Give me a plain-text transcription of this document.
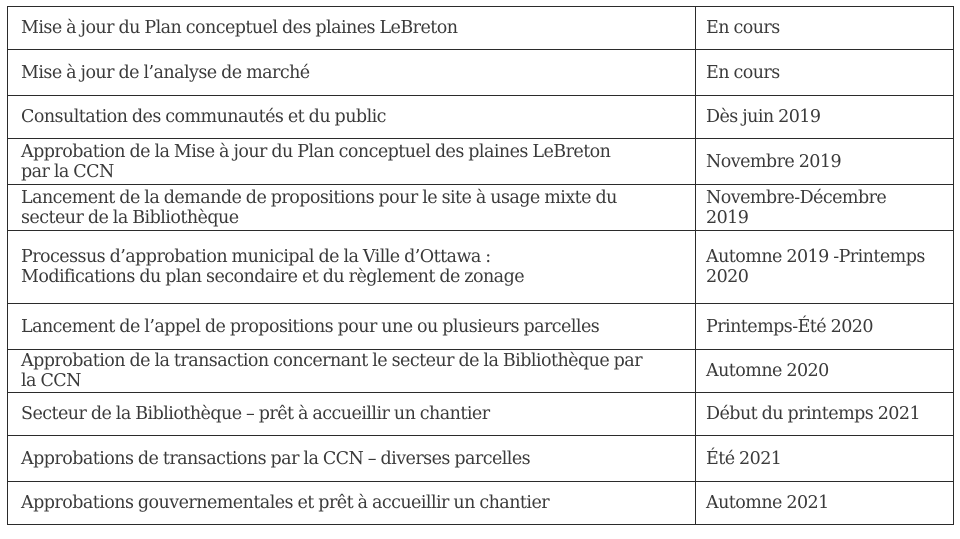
Mise à jour du Plan conceptuel des plaines LeBreton	En cours
Mise à jour de l’analyse de marché	En cours
Consultation des communautés et du public	Dès juin 2019
Approbation de la Mise à jour du Plan conceptuel des plaines LeBreton
par la CCN	Novembre 2019
Lancement de la demande de propositions pour le site à usage mixte du
secteur de la Bibliothèque	Novembre-Décembre
2019
Processus d’approbation municipal de la Ville d’Ottawa :
Modifications du plan secondaire et du règlement de zonage	Automne 2019 -Printemps
2020
Lancement de l’appel de propositions pour une ou plusieurs parcelles	Printemps-Été 2020
Approbation de la transaction concernant le secteur de la Bibliothèque par
la CCN	Automne 2020
Secteur de la Bibliothèque – prêt à accueillir un chantier	Début du printemps 2021
Approbations de transactions par la CCN – diverses parcelles	Été 2021
Approbations gouvernementales et prêt à accueillir un chantier	Automne 2021
